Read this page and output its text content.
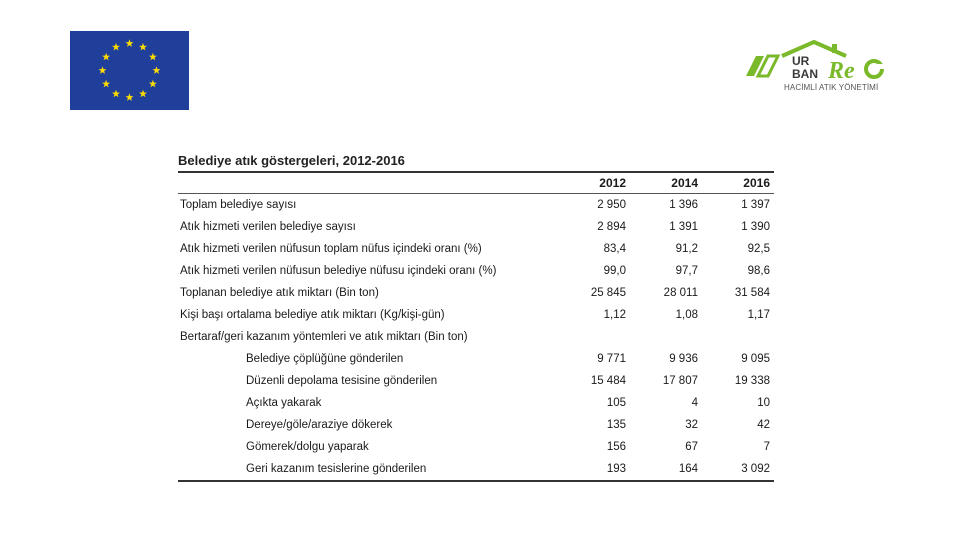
UR
BAN Re
HACİMLİ ATIK YÖNETİMİ
Belediye atık göstergeleri, 2012-2016
2012	2014	2016
Toplam belediye sayısı	2 950	1 396	1 397
Atık hizmeti verilen belediye sayısı	2 894	1 391	1 390
Atık hizmeti verilen nüfusun toplam nüfus içindeki oranı (%)	83,4	91,2	92,5
Atık hizmeti verilen nüfusun belediye nüfusu içindeki oranı (%)	99,0	97,7	98,6
Toplanan belediye atık miktarı (Bin ton)	25 845	28 011	31 584
Kişi başı ortalama belediye atık miktarı (Kg/kişi-gün)	1,12	1,08	1,17
Bertaraf/geri kazanım yöntemleri ve atık miktarı (Bin ton)
Belediye çöplüğüne gönderilen	9 771	9 936	9 095
Düzenli depolama tesisine gönderilen	15 484	17 807	19 338
Açıkta yakarak	105	4	10
Dereye/göle/araziye dökerek	135	32	42
Gömerek/dolgu yaparak	156	67	7
Geri kazanım tesislerine gönderilen	193	164	3 092
